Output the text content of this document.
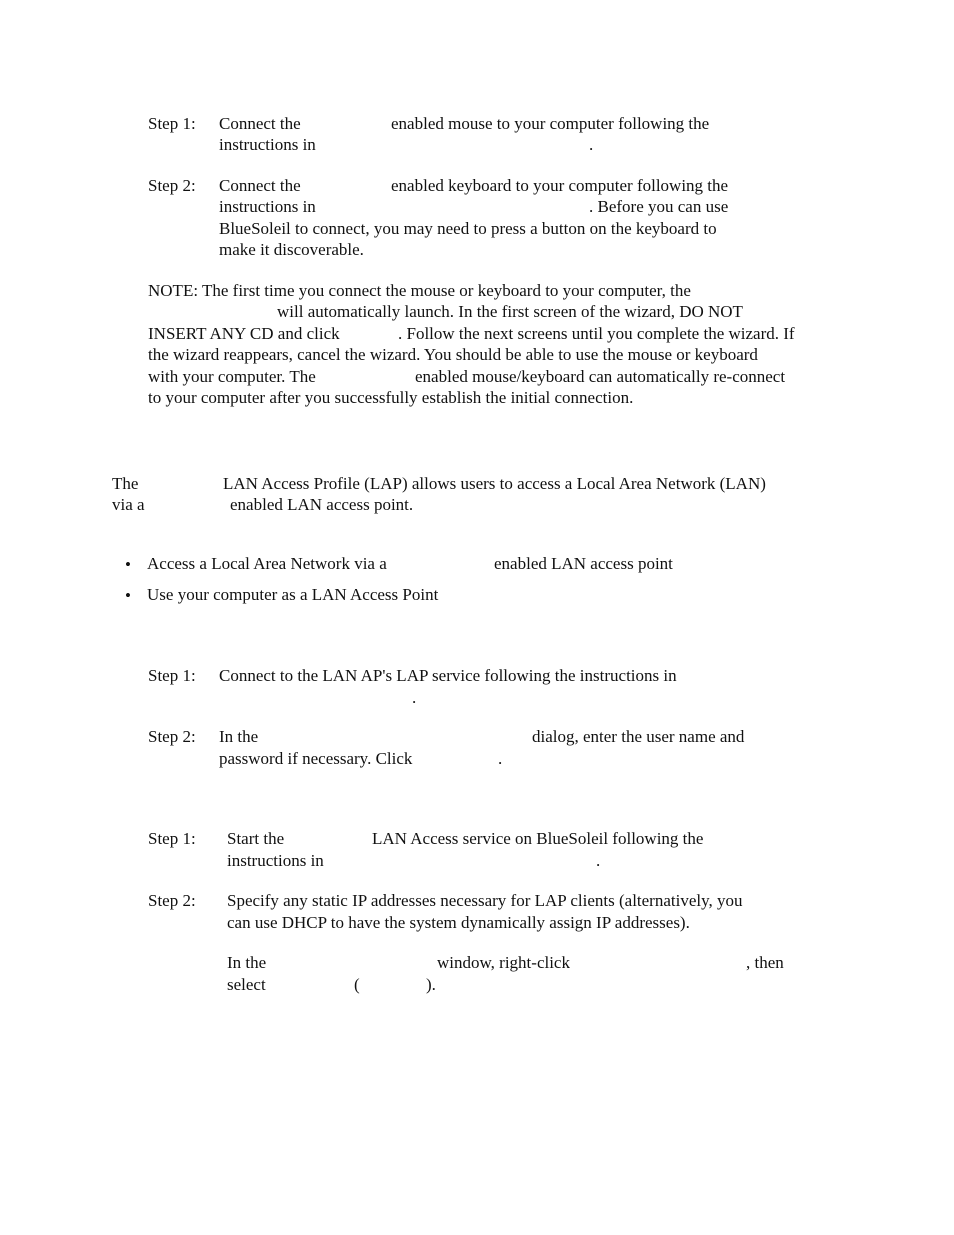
Step 1: Connect the	enabled mouse to your computer following the
instructions in	.
Step 2: Connect the	enabled keyboard to your computer following the
instructions in	. Before you can use
BlueSoleil to connect, you may need to press a button on the keyboard to
make it discoverable.
NOTE: The first time you connect the mouse or keyboard to your computer, the
will automatically launch. In the first screen of the wizard, DO NOT
INSERT ANY CD and click	. Follow the next screens until you complete the wizard. If
the wizard reappears, cancel the wizard. You should be able to use the mouse or keyboard
with your computer. The	enabled mouse/keyboard can automatically re-connect
to your computer after you successfully establish the initial connection.
The	LAN Access Profile (LAP) allows users to access a Local Area Network (LAN)
via a	enabled LAN access point.
• Access a Local Area Network via a	enabled LAN access point
• Use your computer as a LAN Access Point
Step 1: Connect to the LAN AP's LAP service following the instructions in
.
Step 2: In the	dialog, enter the user name and
password if necessary. Click	.
Step 1: Start the	LAN Access service on BlueSoleil following the
instructions in	.
Step 2: Specify any static IP addresses necessary for LAP clients (alternatively, you
can use DHCP to have the system dynamically assign IP addresses).
In the	window, right-click	, then
select	(	).
